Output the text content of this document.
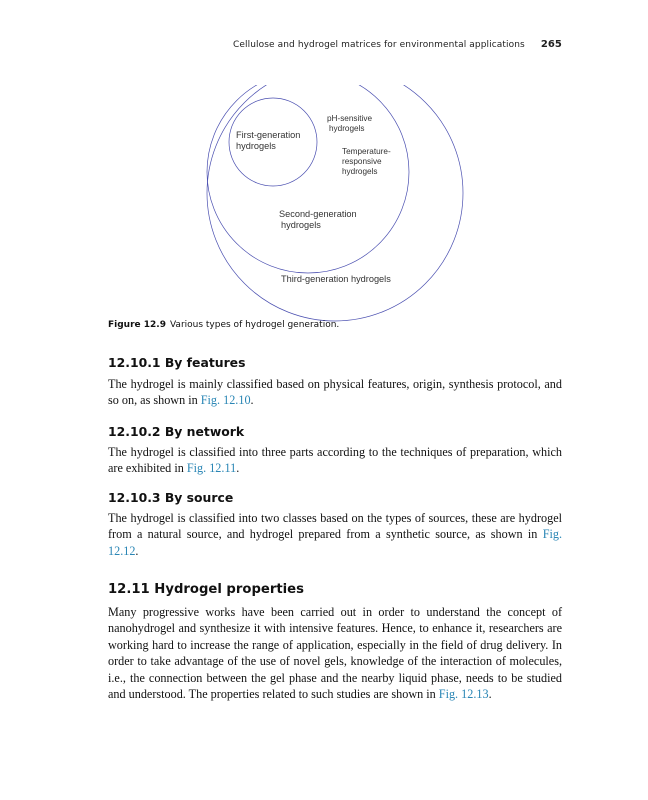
Cellulose and hydrogel matrices for environmental applications 265
First-generation
hydrogels
pH-sensitive
hydrogels
Temperature-
responsive
hydrogels
Second-generation
hydrogels
Third-generation hydrogels
Figure 12.9 Various types of hydrogel generation.
12.10.1 By features

The hydrogel is mainly classified based on physical features, origin, synthesis protocol, and so on, as shown in Fig. 12.10.

12.10.2 By network

The hydrogel is classified into three parts according to the techniques of preparation, which are exhibited in Fig. 12.11.

12.10.3 By source

The hydrogel is classified into two classes based on the types of sources, these are hydrogel from a natural source, and hydrogel prepared from a synthetic source, as shown in Fig. 12.12.

12.11 Hydrogel properties

Many progressive works have been carried out in order to understand the concept of nanohydrogel and synthesize it with intensive features. Hence, to enhance it, researchers are working hard to increase the range of application, especially in the field of drug delivery. In order to take advantage of the use of novel gels, knowledge of the interaction of molecules, i.e., the connection between the gel phase and the nearby liquid phase, needs to be studied and understood. The properties related to such studies are shown in Fig. 12.13.
